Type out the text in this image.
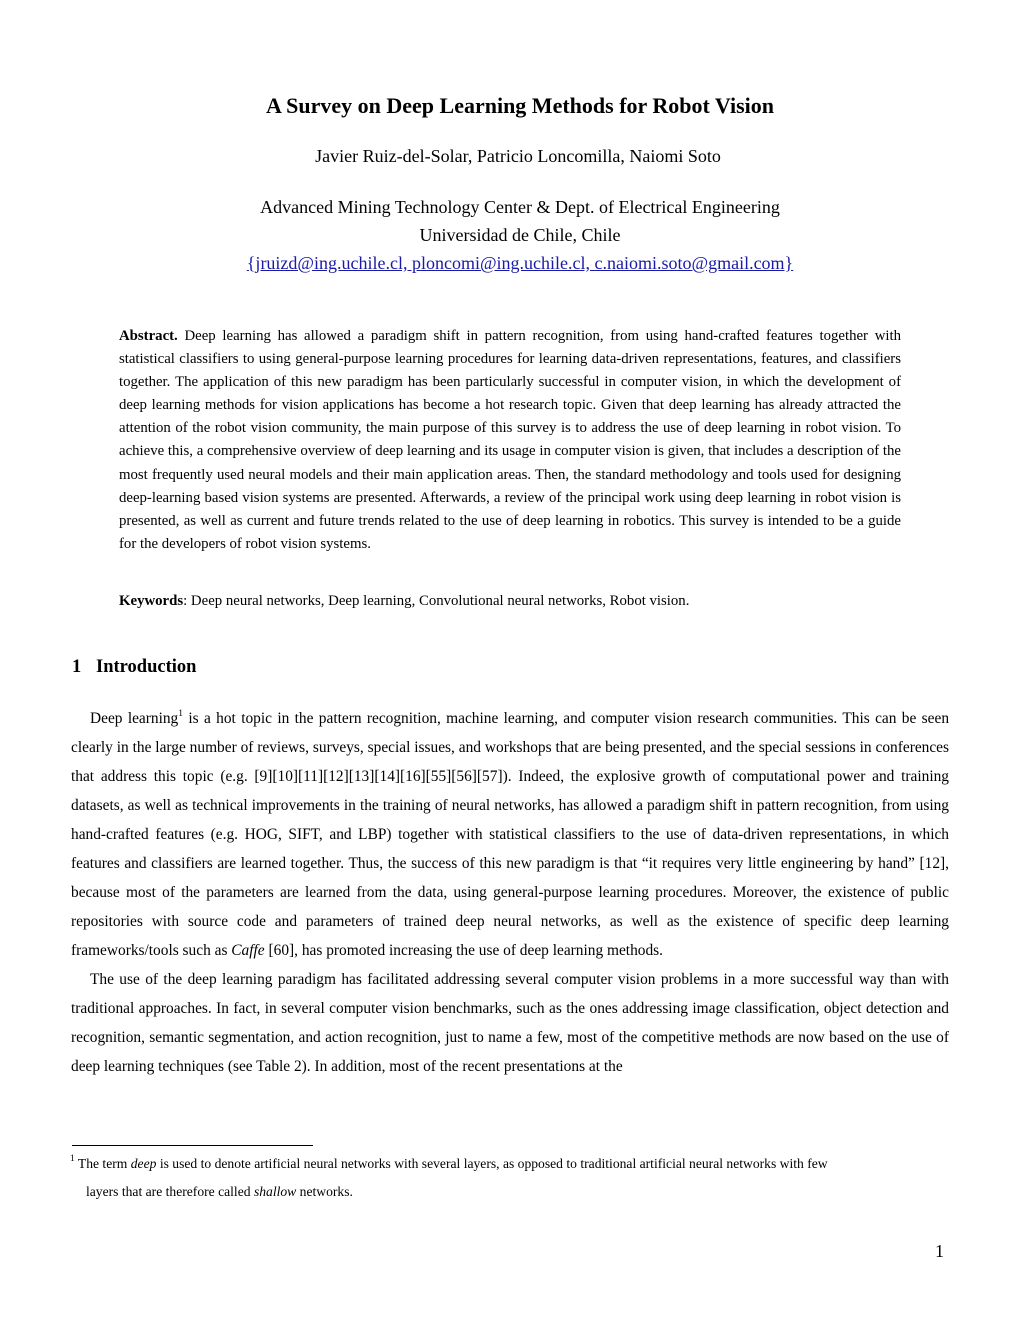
A Survey on Deep Learning Methods for Robot Vision

Javier Ruiz-del-Solar, Patricio Loncomilla, Naiomi Soto

Advanced Mining Technology Center & Dept. of Electrical Engineering
Universidad de Chile, Chile
{jruizd@ing.uchile.cl, ploncomi@ing.uchile.cl, c.naiomi.soto@gmail.com}

Abstract. Deep learning has allowed a paradigm shift in pattern recognition, from using hand-crafted features together with statistical classifiers to using general-purpose learning procedures for learning data-driven representations, features, and classifiers together. The application of this new paradigm has been particularly successful in computer vision, in which the development of deep learning methods for vision applications has become a hot research topic. Given that deep learning has already attracted the attention of the robot vision community, the main purpose of this survey is to address the use of deep learning in robot vision. To achieve this, a comprehensive overview of deep learning and its usage in computer vision is given, that includes a description of the most frequently used neural models and their main application areas. Then, the standard methodology and tools used for designing deep-learning based vision systems are presented. Afterwards, a review of the principal work using deep learning in robot vision is presented, as well as current and future trends related to the use of deep learning in robotics. This survey is intended to be a guide for the developers of robot vision systems.

Keywords: Deep neural networks, Deep learning, Convolutional neural networks, Robot vision.

1 Introduction

Deep learning$^1$ is a hot topic in the pattern recognition, machine learning, and computer vision research communities. This can be seen clearly in the large number of reviews, surveys, special issues, and workshops that are being presented, and the special sessions in conferences that address this topic (e.g. [9][10][11][12][13][14][16][55][56][57]). Indeed, the explosive growth of computational power and training datasets, as well as technical improvements in the training of neural networks, has allowed a paradigm shift in pattern recognition, from using hand-crafted features (e.g. HOG, SIFT, and LBP) together with statistical classifiers to the use of data-driven representations, in which features and classifiers are learned together. Thus, the success of this new paradigm is that “it requires very little engineering by hand” [12], because most of the parameters are learned from the data, using general-purpose learning procedures. Moreover, the existence of public repositories with source code and parameters of trained deep neural networks, as well as the existence of specific deep learning frameworks/tools such as Caffe [60], has promoted increasing the use of deep learning methods.

The use of the deep learning paradigm has facilitated addressing several computer vision problems in a more successful way than with traditional approaches. In fact, in several computer vision benchmarks, such as the ones addressing image classification, object detection and recognition, semantic segmentation, and action recognition, just to name a few, most of the competitive methods are now based on the use of deep learning techniques (see Table 2). In addition, most of the recent presentations at the

$^1$ The term deep is used to denote artificial neural networks with several layers, as opposed to traditional artificial neural networks with few
layers that are therefore called shallow networks.
1
